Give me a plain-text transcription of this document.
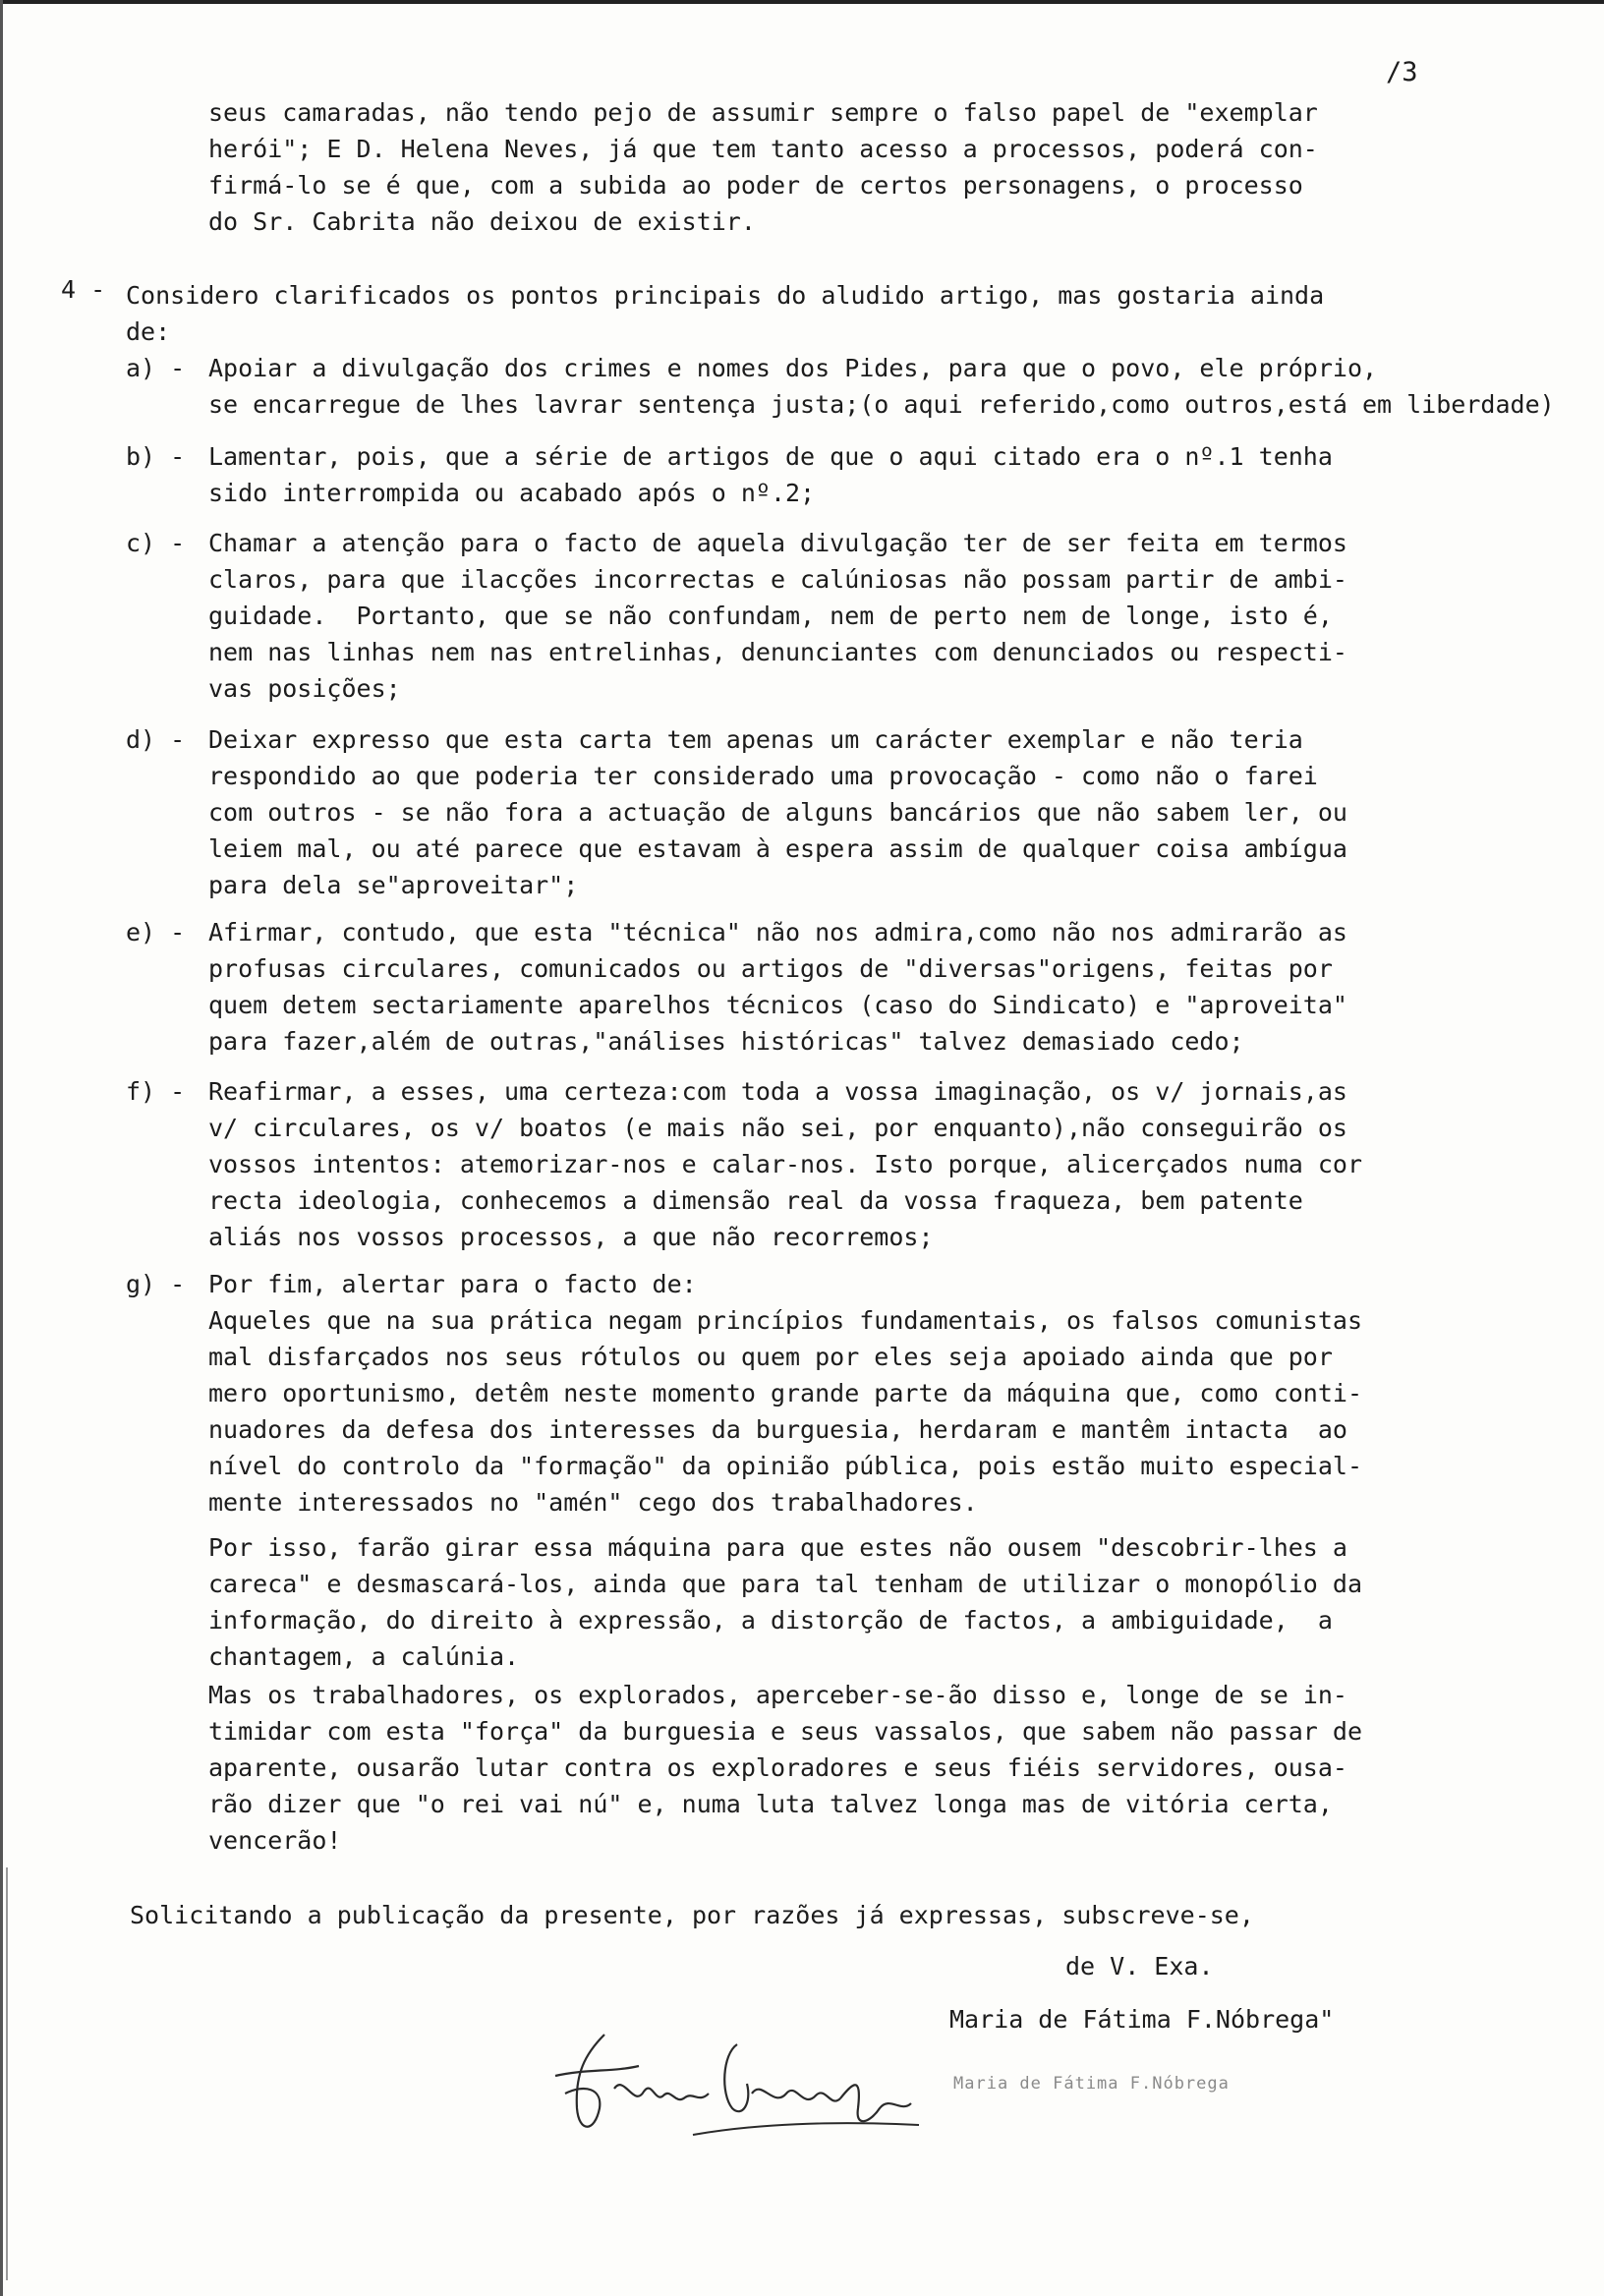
/3
seus camaradas, não tendo pejo de assumir sempre o falso papel de "exemplar
herói"; E D. Helena Neves, já que tem tanto acesso a processos, poderá con-
firmá-lo se é que, com a subida ao poder de certos personagens, o processo
do Sr. Cabrita não deixou de existir.
4 - Considero clarificados os pontos principais do aludido artigo, mas gostaria ainda
de:
a) - Apoiar a divulgação dos crimes e nomes dos Pides, para que o povo, ele próprio,
se encarregue de lhes lavrar sentença justa;(o aqui referido,como outros,está em liberdade)
b) - Lamentar, pois, que a série de artigos de que o aqui citado era o nº.1 tenha
sido interrompida ou acabado após o nº.2;
c) - Chamar a atenção para o facto de aquela divulgação ter de ser feita em termos
claros, para que ilacções incorrectas e calúniosas não possam partir de ambi-
guidade.  Portanto, que se não confundam, nem de perto nem de longe, isto é,
nem nas linhas nem nas entrelinhas, denunciantes com denunciados ou respecti-
vas posições;
d) - Deixar expresso que esta carta tem apenas um carácter exemplar e não teria
respondido ao que poderia ter considerado uma provocação - como não o farei
com outros - se não fora a actuação de alguns bancários que não sabem ler, ou
leiem mal, ou até parece que estavam à espera assim de qualquer coisa ambígua
para dela se"aproveitar";
e) - Afirmar, contudo, que esta "técnica" não nos admira,como não nos admirarão as
profusas circulares, comunicados ou artigos de "diversas"origens, feitas por
quem detem sectariamente aparelhos técnicos (caso do Sindicato) e "aproveita"
para fazer,além de outras,"análises históricas" talvez demasiado cedo;
f) - Reafirmar, a esses, uma certeza:com toda a vossa imaginação, os v/ jornais,as
v/ circulares, os v/ boatos (e mais não sei, por enquanto),não conseguirão os
vossos intentos: atemorizar-nos e calar-nos. Isto porque, alicerçados numa cor
recta ideologia, conhecemos a dimensão real da vossa fraqueza, bem patente
aliás nos vossos processos, a que não recorremos;
g) - Por fim, alertar para o facto de:
Aqueles que na sua prática negam princípios fundamentais, os falsos comunistas
mal disfarçados nos seus rótulos ou quem por eles seja apoiado ainda que por
mero oportunismo, detêm neste momento grande parte da máquina que, como conti-
nuadores da defesa dos interesses da burguesia, herdaram e mantêm intacta  ao
nível do controlo da "formação" da opinião pública, pois estão muito especial-
mente interessados no "amén" cego dos trabalhadores.
Por isso, farão girar essa máquina para que estes não ousem "descobrir-lhes a
careca" e desmascará-los, ainda que para tal tenham de utilizar o monopólio da
informação, do direito à expressão, a distorção de factos, a ambiguidade,  a
chantagem, a calúnia.
Mas os trabalhadores, os explorados, aperceber-se-ão disso e, longe de se in-
timidar com esta "força" da burguesia e seus vassalos, que sabem não passar de
aparente, ousarão lutar contra os exploradores e seus fiéis servidores, ousa-
rão dizer que "o rei vai nú" e, numa luta talvez longa mas de vitória certa,
vencerão!
Solicitando a publicação da presente, por razões já expressas, subscreve-se,
de V. Exa.
Maria de Fátima F.Nóbrega"
Maria de Fátima F.Nóbrega
